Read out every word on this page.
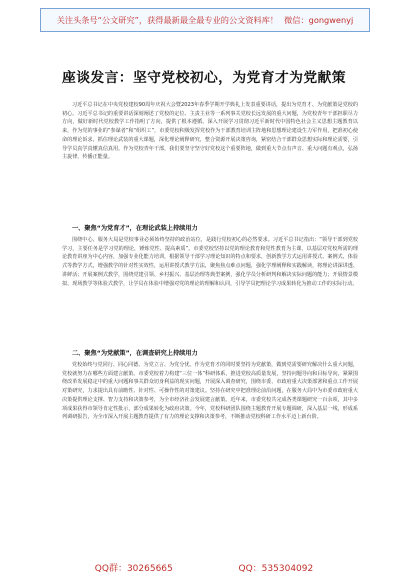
关注头条号“公文研究”，获得最新最全最专业的公文资料库！ 微信：gongwenyj
座谈发言：坚守党校初心，为党育才为党献策

习近平总书记在中央党校建校90周年庆祝大会暨2023年春季学期开学典礼上发表重要讲话，提出为党育才、为党献策是党校的初心。习近平总书记的重要讲话深刻阐述了党校的定位、主责主业等一系列事关党校长远发展的重大问题，为党校青年干部担职尽力方向，做好新时代党校教学工作指明了方向，提供了根本遵循。深入开展学习贯彻习近平新时代中国特色社会主义思想主题教育以来，作为党的事业的“参谋者”和“组织工”，市委党校积极发挥党校作为干部教育培训主阵地和思想理论建设生力军作用，把准初心使命的理论诉求，抓住理论武装的重大课题，深化理论阐释研究，整合资源开展决策咨询，紧密结合干部群众思想实际和理论需要，引导学员真学真懂真信真用。作为党校青年干部，我们要坚守坚守好党校这个重要阵地，做到重大节点有声音、重大问题有观点，弘扬主旋律，传播正能量。

一、聚焦“为党育才”，在理论武装上持续用力

围绕中心、服务大局是党校事业必须始终坚持的政治站位，是践行党校初心的必然要求。习近平总书记指出：“领导干部到党校学习，主要任务是学习党的理论，锤炼党性、提高素质”。市委党校坚持以党的理论教育和党性教育为主课，以基层对党校所需的理论教育讲座为中心内容，加强专业化能力培训，根据领导干部学习理论知识的特点和要求，创新教学方式运用讲授式、案例式、体验式等教学方式，增强教学的针对性实效性，运用讲授式教学方法，聚焦焦点难点问题，强化学理阐释和实践解读，将理论讲深讲透、讲鲜活；开展案例式教学，围绕党建引领、乡村振兴、基层治理等典型案例，强化学员分析研判和解决实际问题的能力；开展情景模拟、现场教学等体验式教学，让学员在体验中增强对党的理论的理解和认同，引导学员把理论学习成果转化为推动工作的实际行动。

二、聚焦“为党献策”，在调查研究上持续用力

党校始终与党同行、同心同德、为党立言、为党分忧。作为党育才的同时要坚持为党献策，做到党需要研究解决什么重大问题，党校就努力在哪些方面建言献策。市委党校着力构建“三位一体”科研体系，推进党校高质量发展，坚持问题导向和目标导向，紧紧围绕改革发展稳定中的重大问题和事关群众切身利益的现实问题，开展深入调查研究，围绕市委、市政府重大决策部署和重点工作开展对策研究，力求提出具有前瞻性、针对性、可操作性的对策建议。坚持在研究中把准理论前沿问题，在服务大局中为市委市政府重大决策提供理论支撑、智力支持和决策参考，为全市经济社会发展建言献策。近年来，市委党校共完成各类课题研究一百余项，其中多项成果获得市领导肯定性批示，部分成果转化为政府决策。今年，党校科研团队围绕主题教育开展专题调研，深入基层一线，形成系列调研报告，为全市深入开展主题教育提供了有力的理论支撑和决策参考，不断推动党校科研工作水平迈上新台阶。

QQ群：30265665	QQ：535304092
